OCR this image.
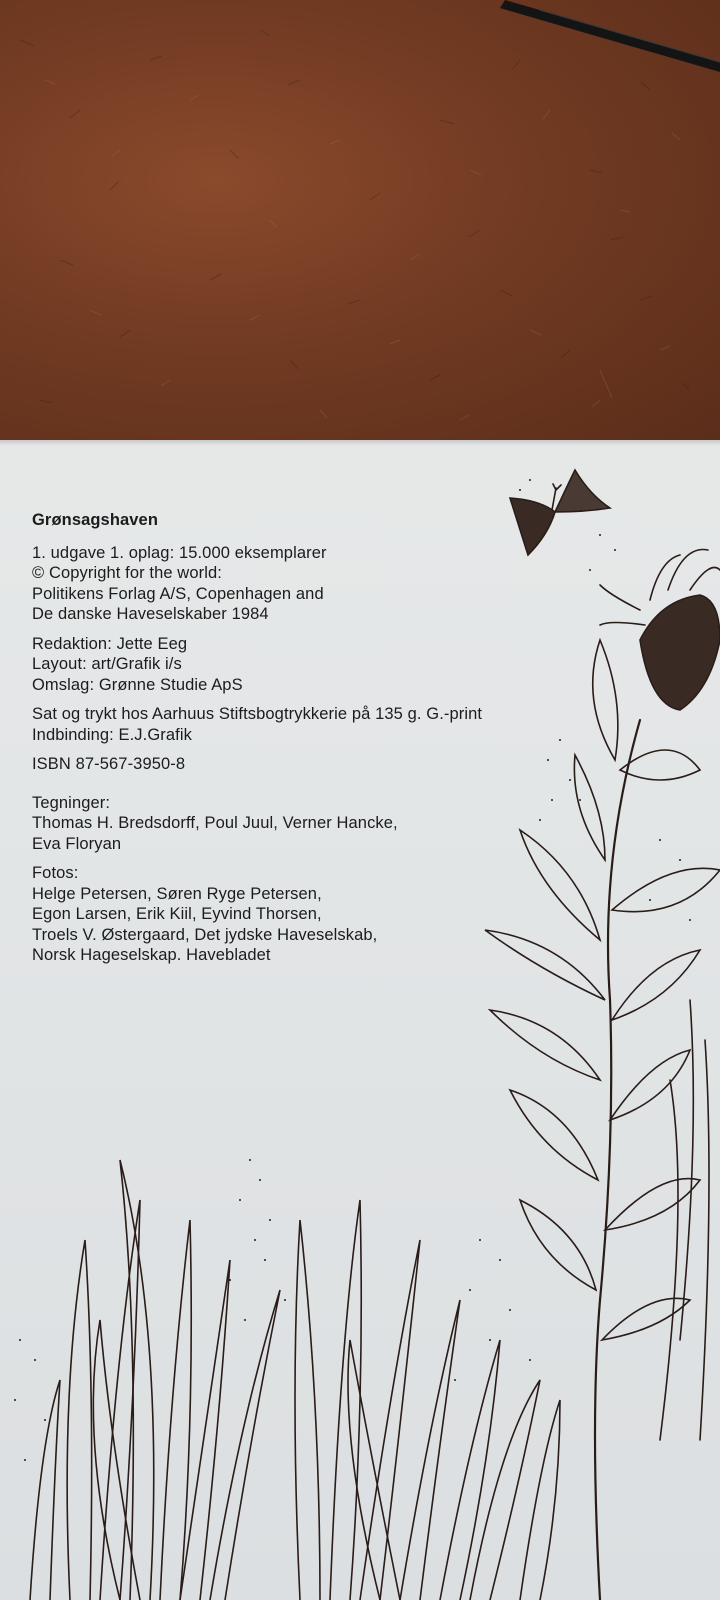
Grønsagshaven
1. udgave 1. oplag: 15.000 eksemplarer
© Copyright for the world:
Politikens Forlag A/S, Copenhagen and
De danske Haveselskaber 1984
Redaktion: Jette Eeg
Layout: art/Grafik i/s
Omslag: Grønne Studie ApS
Sat og trykt hos Aarhuus Stiftsbogtrykkerie på 135 g. G.-print
Indbinding: E.J.Grafik
ISBN 87-567-3950-8
Tegninger:
Thomas H. Bredsdorff, Poul Juul, Verner Hancke,
Eva Floryan
Fotos:
Helge Petersen, Søren Ryge Petersen,
Egon Larsen, Erik Kiil, Eyvind Thorsen,
Troels V. Østergaard, Det jydske Haveselskab,
Norsk Hageselskap. Havebladet
